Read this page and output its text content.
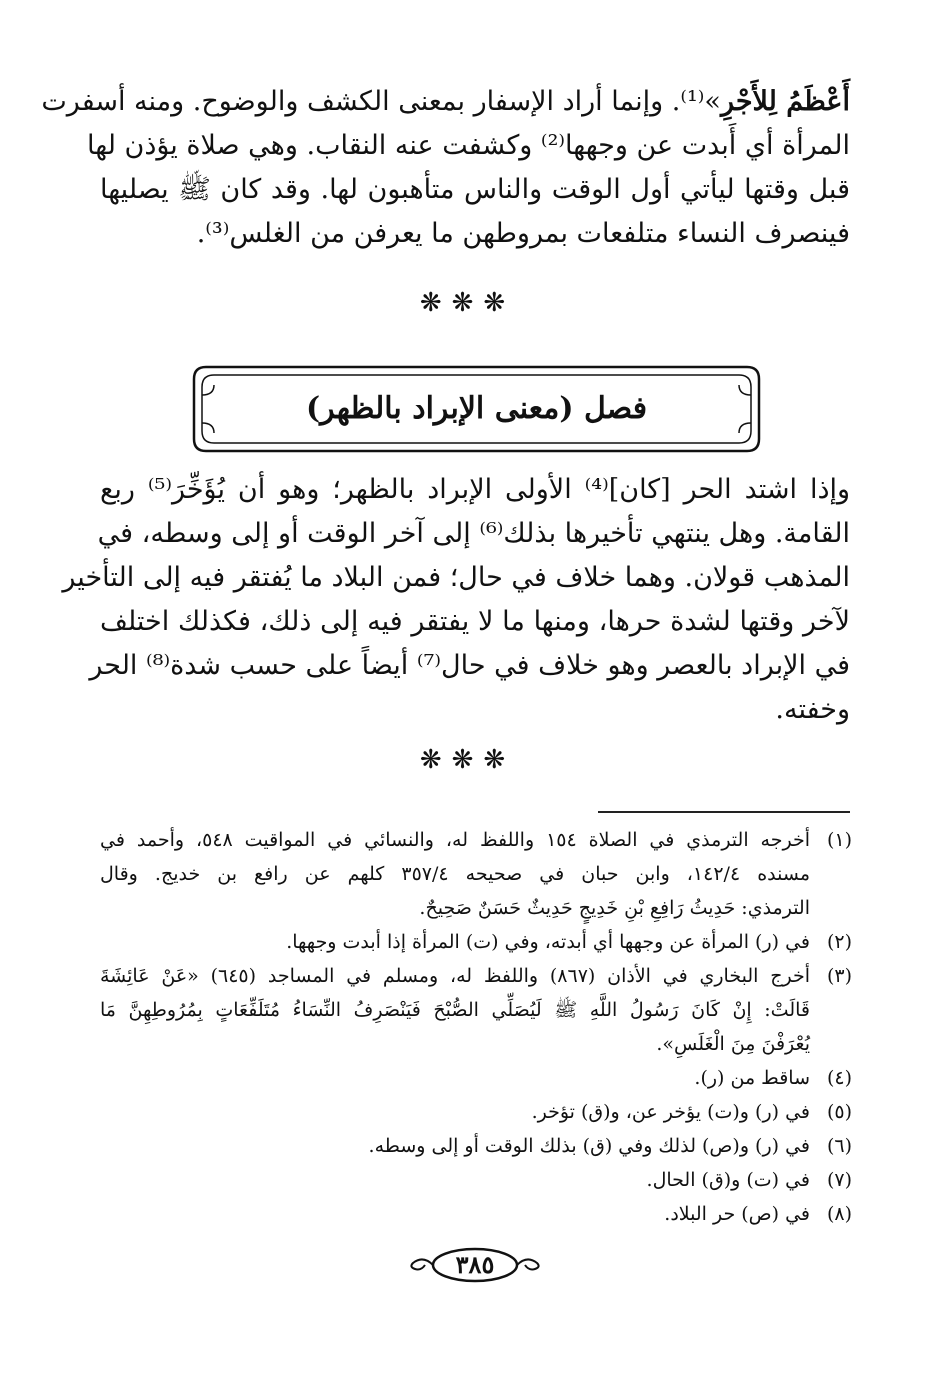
أَعْظَمُ لِلأَجْرِ»⁽¹⁾. وإنما أراد الإسفار بمعنى الكشف والوضوح. ومنه أسفرت
المرأة أي أَبدت عن وجهها⁽²⁾ وكشفت عنه النقاب. وهي صلاة يؤذن لها
قبل وقتها ليأتي أول الوقت والناس متأهبون لها. وقد كان ﷺ يصليها
فينصرف النساء متلفعات بمروطهن ما يعرفن من الغلس⁽³⁾.
❋❋❋
فصل (معنى الإبراد بالظهر)
وإذا اشتد الحر [كان]⁽⁴⁾ الأولى الإبراد بالظهر؛ وهو أن يُؤَخِّرَ⁽⁵⁾ ربع
القامة. وهل ينتهي تأخيرها بذلك⁽⁶⁾ إلى آخر الوقت أو إلى وسطه، في
المذهب قولان. وهما خلاف في حال؛ فمن البلاد ما يُفتقر فيه إلى التأخير
لآخر وقتها لشدة حرها، ومنها ما لا يفتقر فيه إلى ذلك، فكذلك اختلف
في الإبراد بالعصر وهو خلاف في حال⁽⁷⁾ أيضاً على حسب شدة⁽⁸⁾ الحر
وخفته.
❋❋❋
(١)
أخرجه الترمذي في الصلاة ١٥٤ واللفظ له، والنسائي في المواقيت ٥٤٨، وأحمد في
مسنده ١٤٢/٤، وابن حبان في صحيحه ٣٥٧/٤ كلهم عن رافع بن خديج. وقال
الترمذي: حَدِيثُ رَافِعِ بْنِ خَدِيجٍ حَدِيثٌ حَسَنٌ صَحِيحٌ.
(٢)
في (ر) المرأة عن وجهها أي أبدته، وفي (ت) المرأة إذا أبدت وجهها.
(٣)
أخرج البخاري في الأذان (٨٦٧) واللفظ له، ومسلم في المساجد (٦٤٥) «عَنْ عَائِشَةَ
قَالَتْ: إِنْ كَانَ رَسُولُ اللَّهِ ﷺ لَيُصَلِّي الصُّبْحَ فَيَنْصَرِفُ النِّسَاءُ مُتَلَفِّعَاتٍ بِمُرُوطِهِنَّ مَا
يُعْرَفْنَ مِنَ الْغَلَسِ».
(٤)
ساقط من (ر).
(٥)
في (ر) و(ت) يؤخر عن، و(ق) تؤخر.
(٦)
في (ر) و(ص) لذلك وفي (ق) بذلك الوقت أو إلى وسطه.
(٧)
في (ت) و(ق) الحال.
(٨)
في (ص) حر البلاد.
٣٨٥
